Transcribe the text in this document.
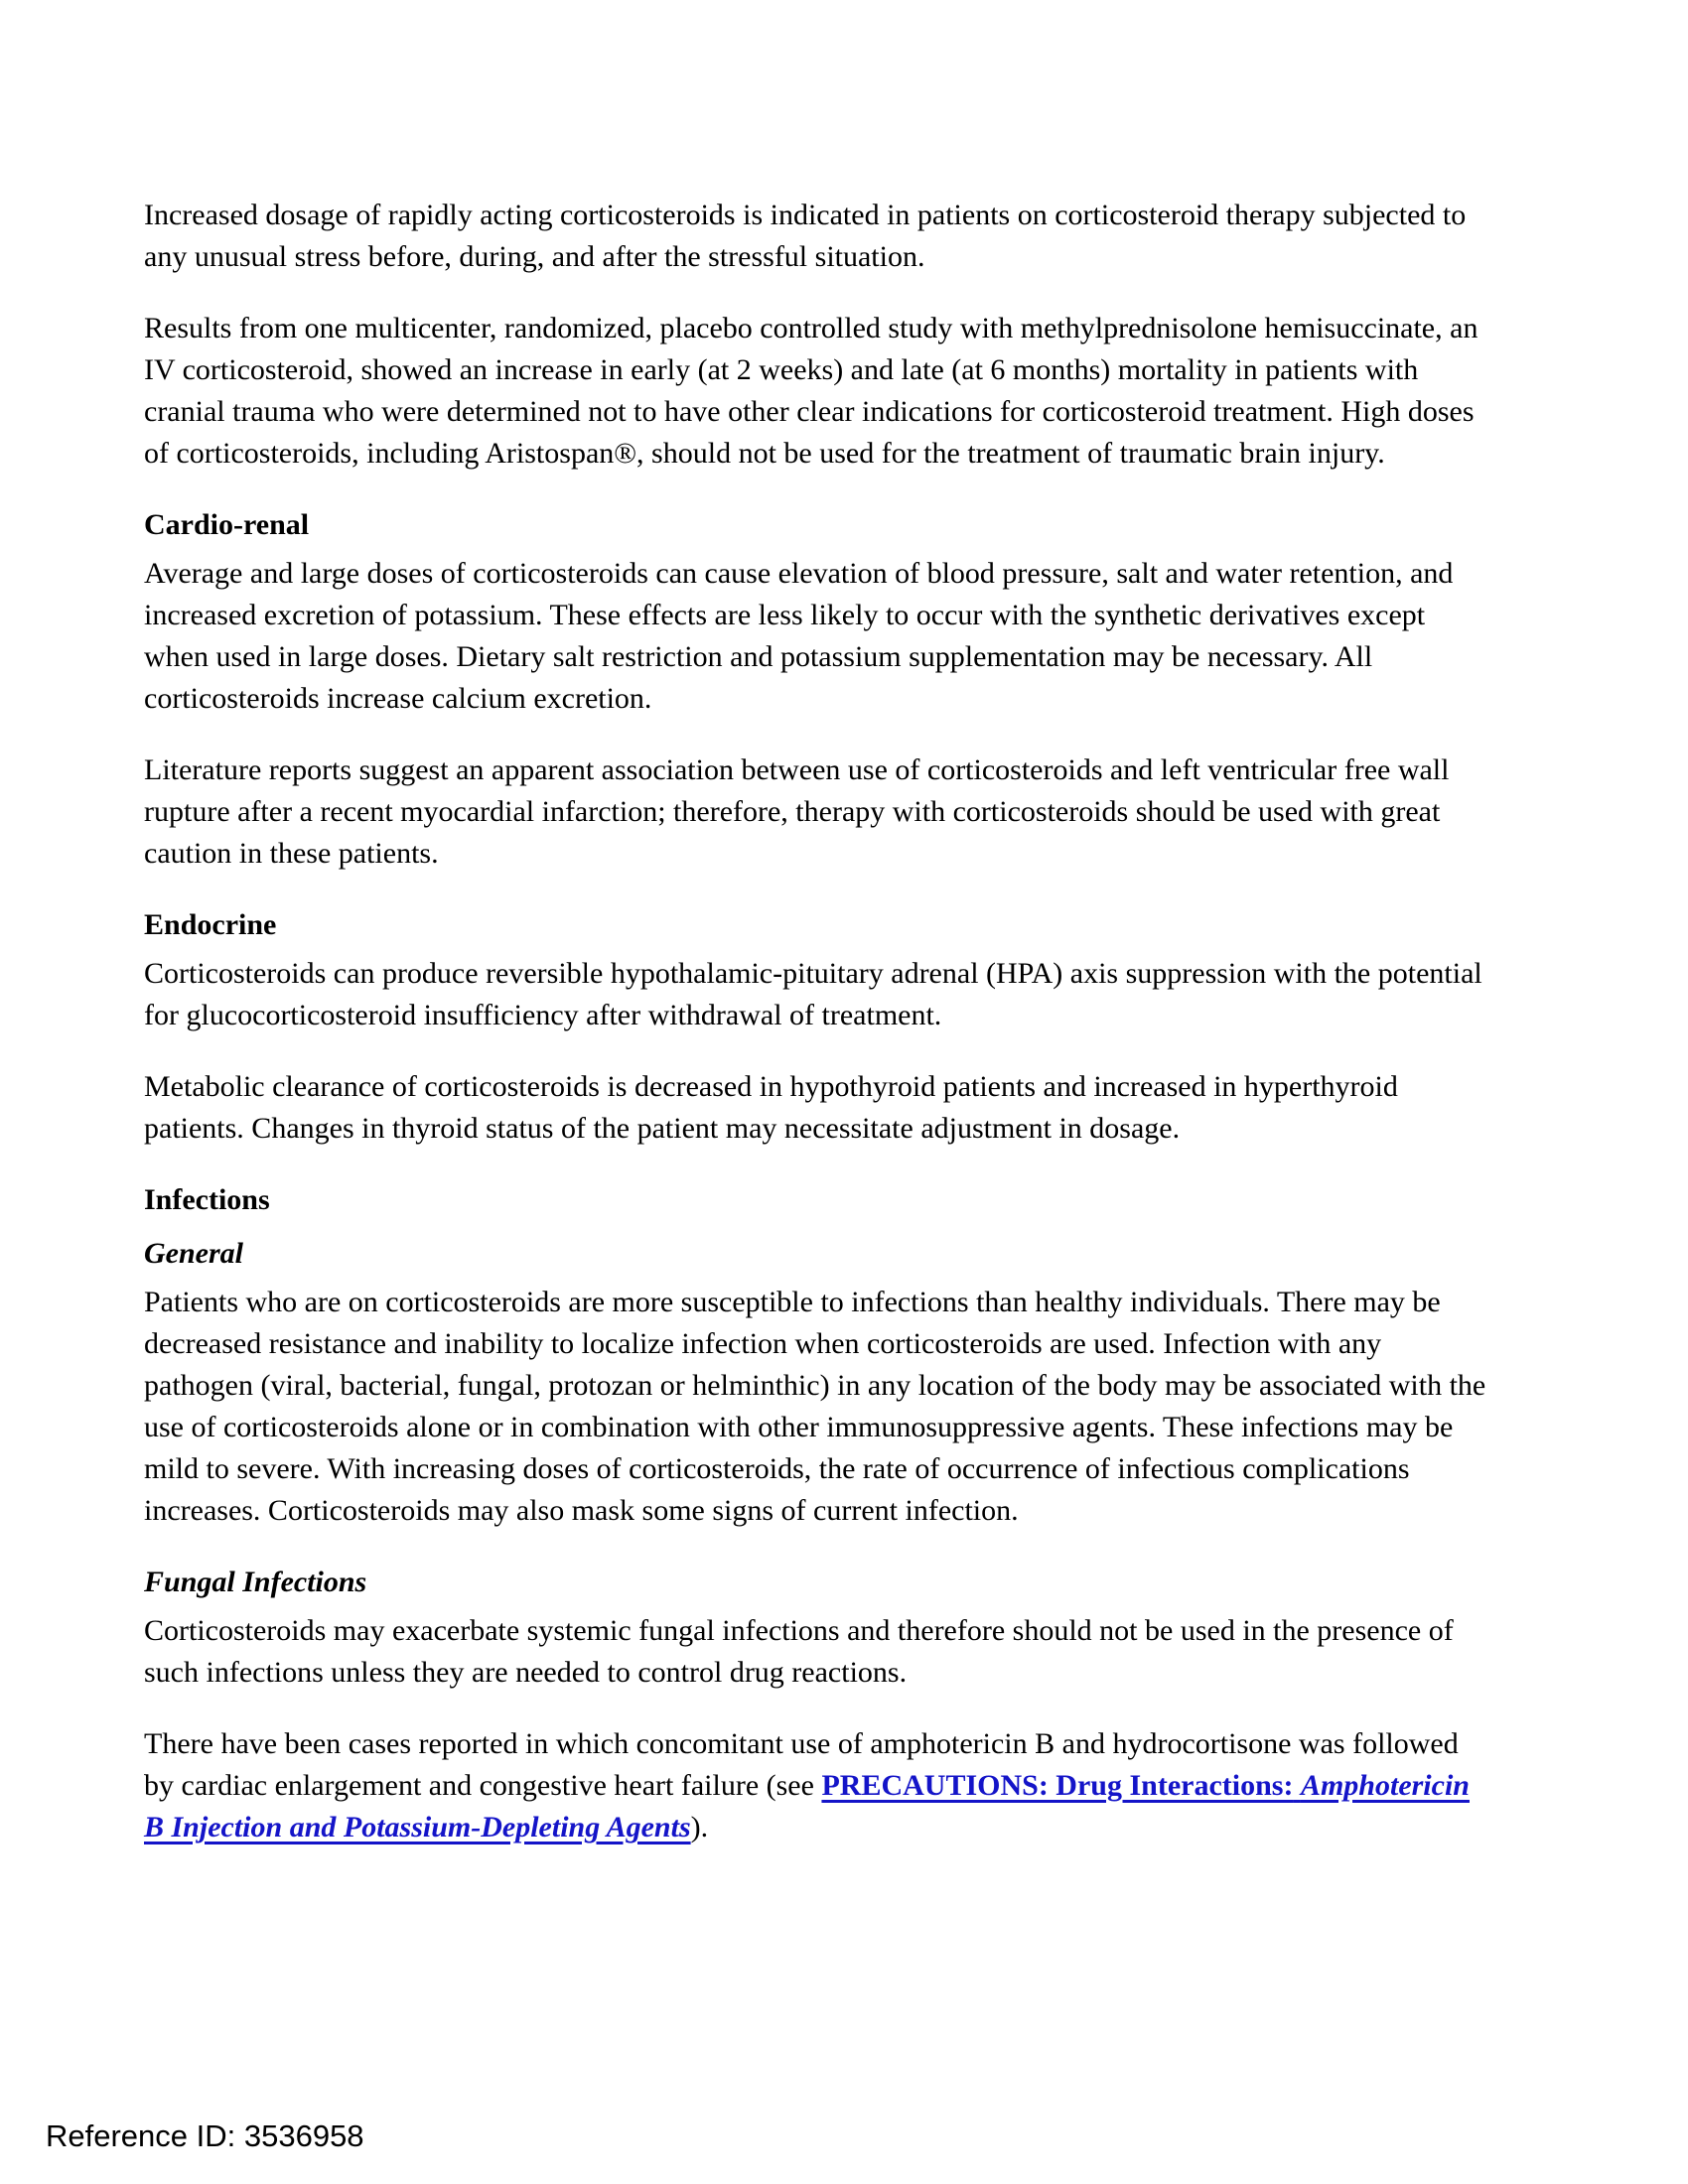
Increased dosage of rapidly acting corticosteroids is indicated in patients on corticosteroid therapy subjected to any unusual stress before, during, and after the stressful situation.

Results from one multicenter, randomized, placebo controlled study with methylprednisolone hemisuccinate, an IV corticosteroid, showed an increase in early (at 2 weeks) and late (at 6 months) mortality in patients with cranial trauma who were determined not to have other clear indications for corticosteroid treatment. High doses of corticosteroids, including Aristospan®, should not be used for the treatment of traumatic brain injury.

Cardio-renal

Average and large doses of corticosteroids can cause elevation of blood pressure, salt and water retention, and increased excretion of potassium. These effects are less likely to occur with the synthetic derivatives except when used in large doses. Dietary salt restriction and potassium supplementation may be necessary. All corticosteroids increase calcium excretion.

Literature reports suggest an apparent association between use of corticosteroids and left ventricular free wall rupture after a recent myocardial infarction; therefore, therapy with corticosteroids should be used with great caution in these patients.

Endocrine

Corticosteroids can produce reversible hypothalamic-pituitary adrenal (HPA) axis suppression with the potential for glucocorticosteroid insufficiency after withdrawal of treatment.

Metabolic clearance of corticosteroids is decreased in hypothyroid patients and increased in hyperthyroid patients. Changes in thyroid status of the patient may necessitate adjustment in dosage.

Infections
General

Patients who are on corticosteroids are more susceptible to infections than healthy individuals. There may be decreased resistance and inability to localize infection when corticosteroids are used. Infection with any pathogen (viral, bacterial, fungal, protozan or helminthic) in any location of the body may be associated with the use of corticosteroids alone or in combination with other immunosuppressive agents. These infections may be mild to severe. With increasing doses of corticosteroids, the rate of occurrence of infectious complications increases. Corticosteroids may also mask some signs of current infection.

Fungal Infections

Corticosteroids may exacerbate systemic fungal infections and therefore should not be used in the presence of such infections unless they are needed to control drug reactions.

There have been cases reported in which concomitant use of amphotericin B and hydrocortisone was followed by cardiac enlargement and congestive heart failure (see PRECAUTIONS: Drug Interactions: Amphotericin B Injection and Potassium-Depleting Agents).

Reference ID: 3536958
